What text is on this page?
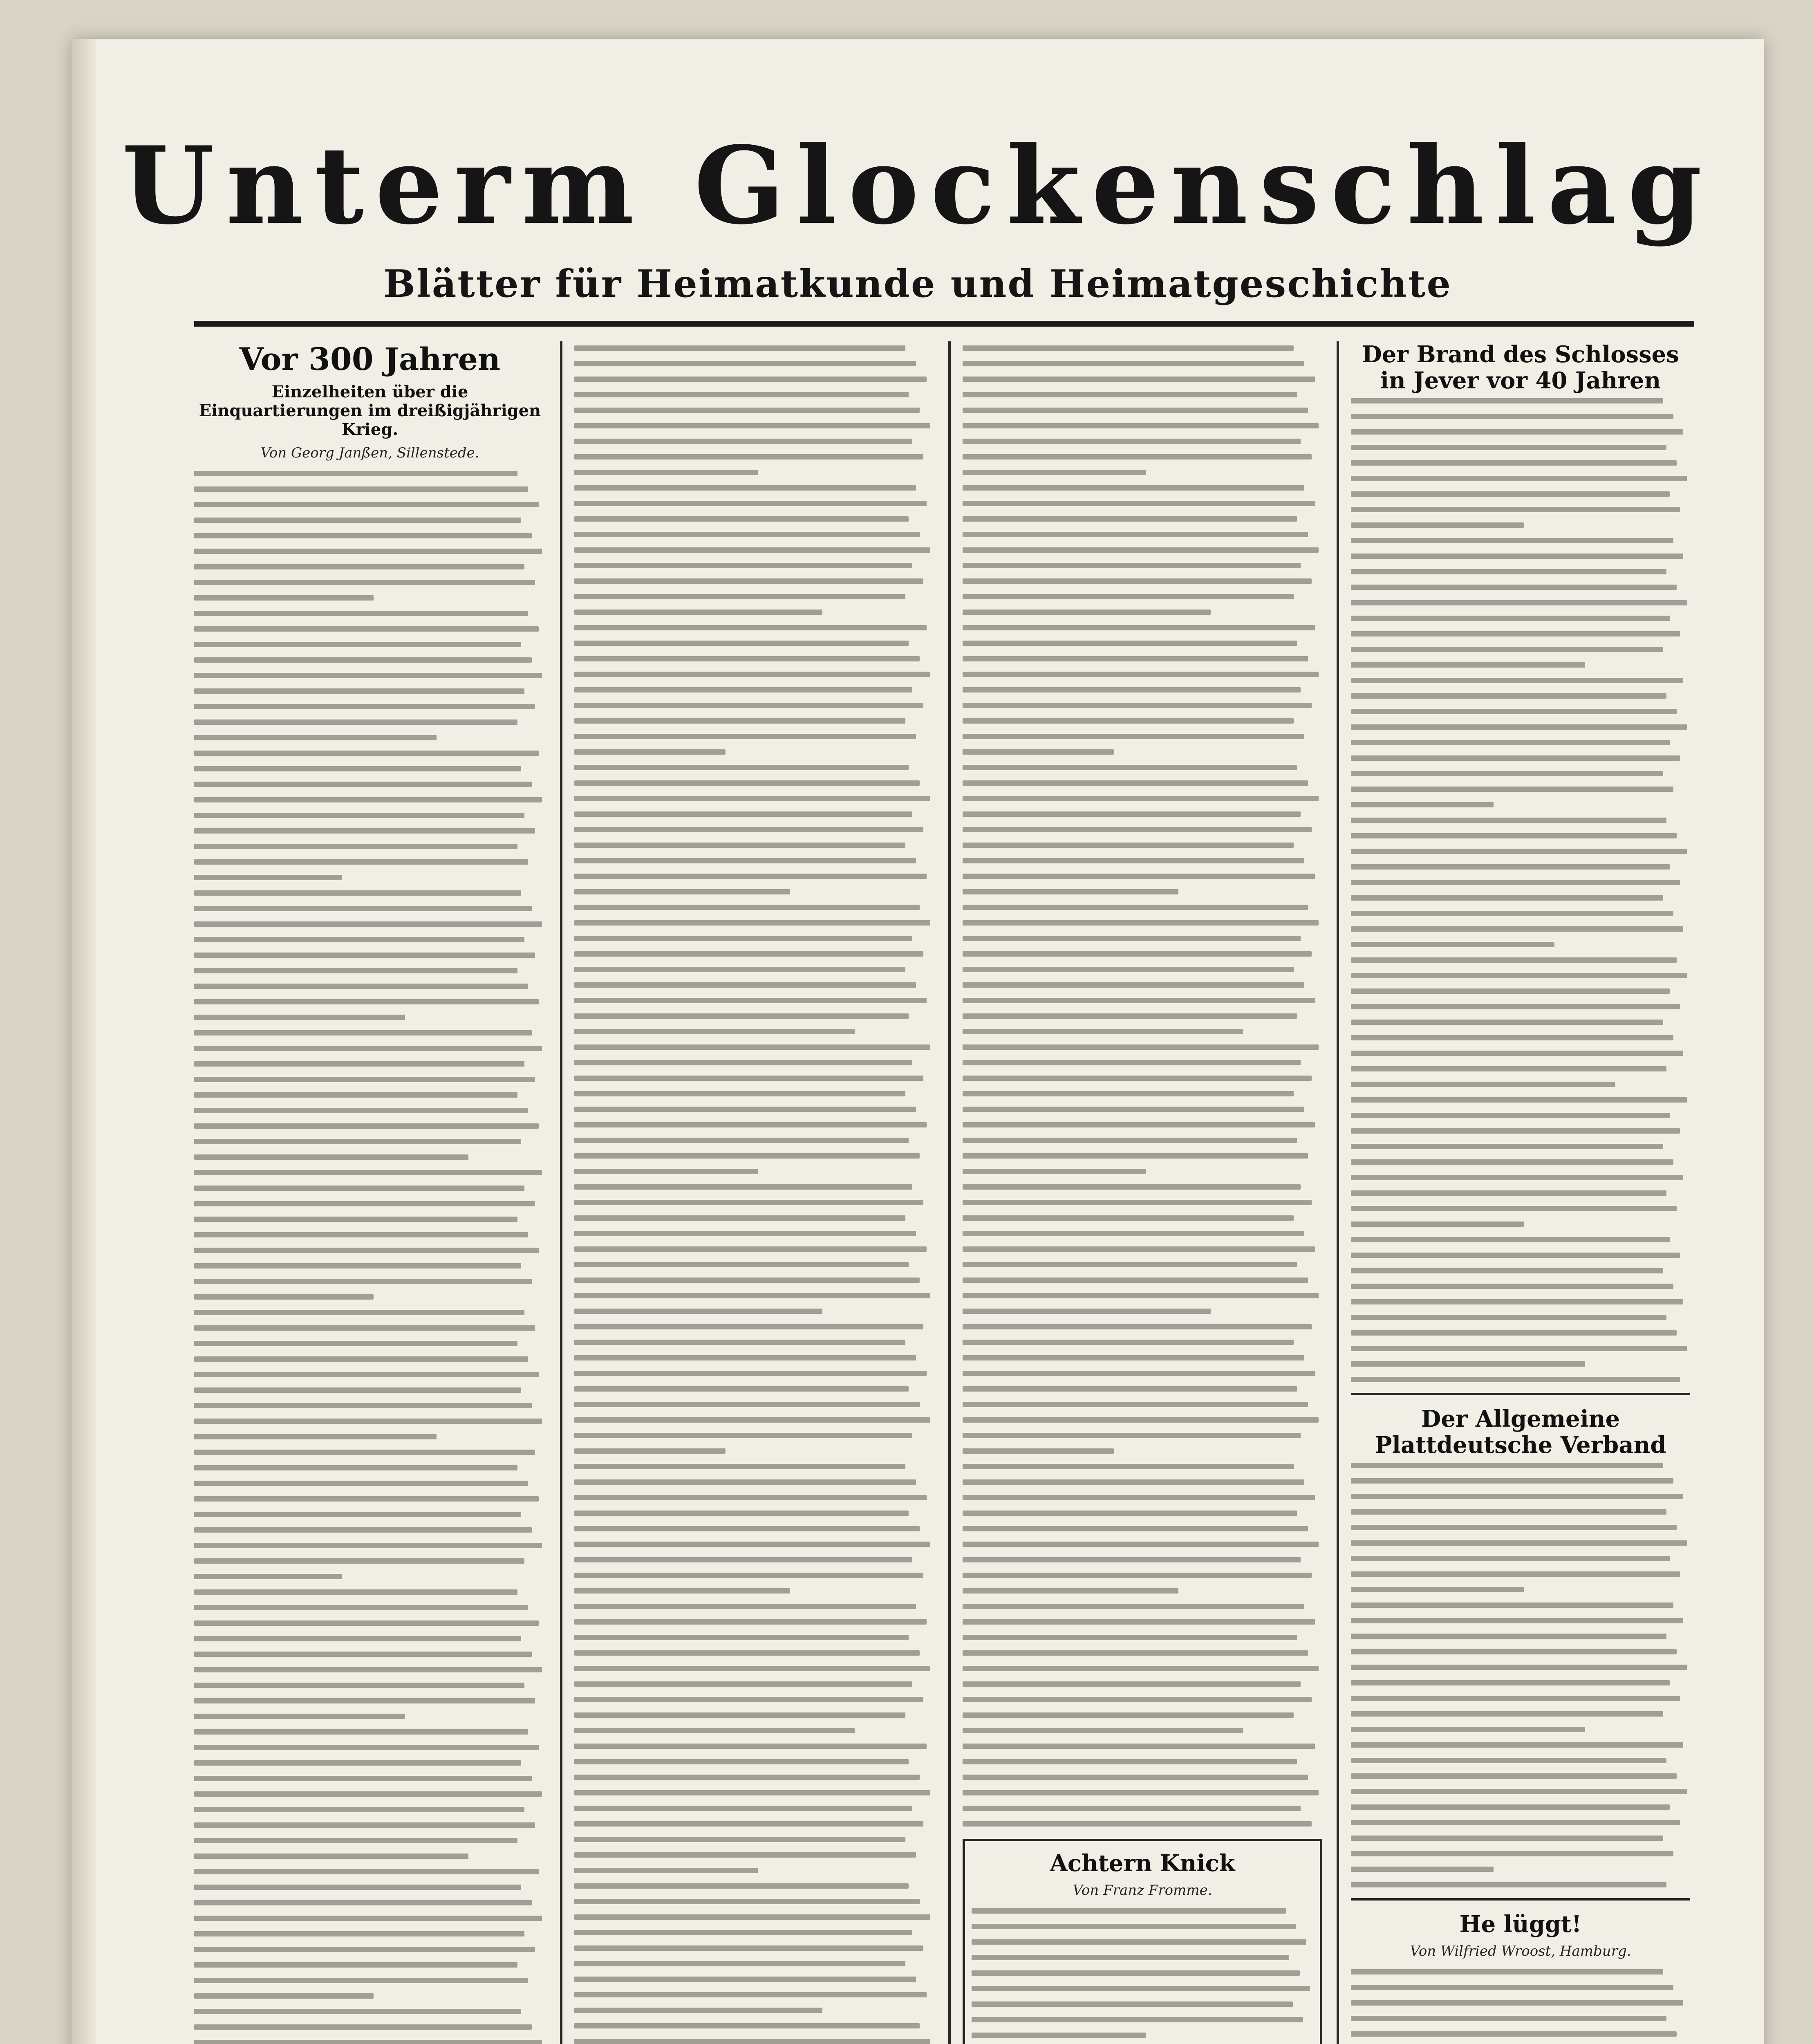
Unterm Glockenschlag
Blätter für Heimatkunde und Heimatgeschichte
Vor 300 Jahren
Einzelheiten über die Einquartierungen im dreißigjährigen Krieg.
Von Georg Janßen, Sillenstede.
Achtern Knick
Von Franz Fromme.
Der Brand des Schlosses in Jever vor 40 Jahren
Der Allgemeine Plattdeutsche Verband
He lüggt!
Von Wilfried Wroost, Hamburg.
